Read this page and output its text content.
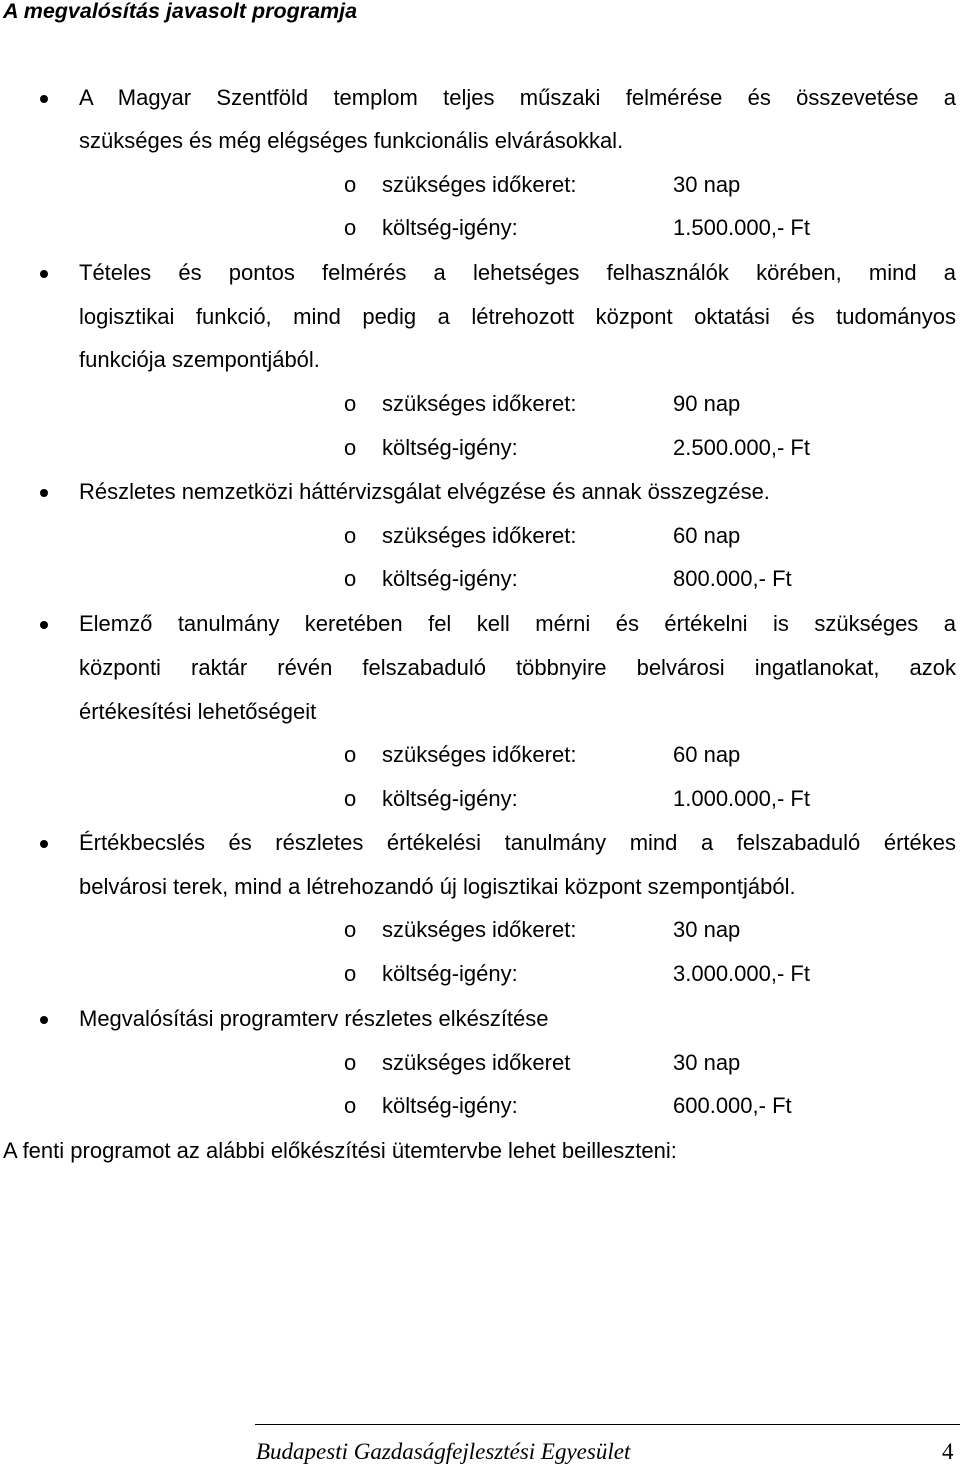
A megvalósítás javasolt programja
A Magyar Szentföld templom teljes műszaki felmérése és összevetése a
szükséges és még elégséges funkcionális elvárásokkal.
o szükséges időkeret:	30 nap
o költség-igény:	1.500.000,- Ft
Tételes és pontos felmérés a lehetséges felhasználók körében, mind a
logisztikai funkció, mind pedig a létrehozott központ oktatási és tudományos
funkciója szempontjából.
o szükséges időkeret:	90 nap
o költség-igény:	2.500.000,- Ft
Részletes nemzetközi háttérvizsgálat elvégzése és annak összegzése.
o szükséges időkeret:	60 nap
o költség-igény:	800.000,- Ft
Elemző tanulmány keretében fel kell mérni és értékelni is szükséges a
központi raktár révén felszabaduló többnyire belvárosi ingatlanokat, azok
értékesítési lehetőségeit
o szükséges időkeret:	60 nap
o költség-igény:	1.000.000,- Ft
Értékbecslés és részletes értékelési tanulmány mind a felszabaduló értékes
belvárosi terek, mind a létrehozandó új logisztikai központ szempontjából.
o szükséges időkeret:	30 nap
o költség-igény:	3.000.000,- Ft
Megvalósítási programterv részletes elkészítése
o szükséges időkeret	30 nap
o költség-igény:	600.000,- Ft
A fenti programot az alábbi előkészítési ütemtervbe lehet beilleszteni:
Budapesti Gazdaságfejlesztési Egyesület	4
